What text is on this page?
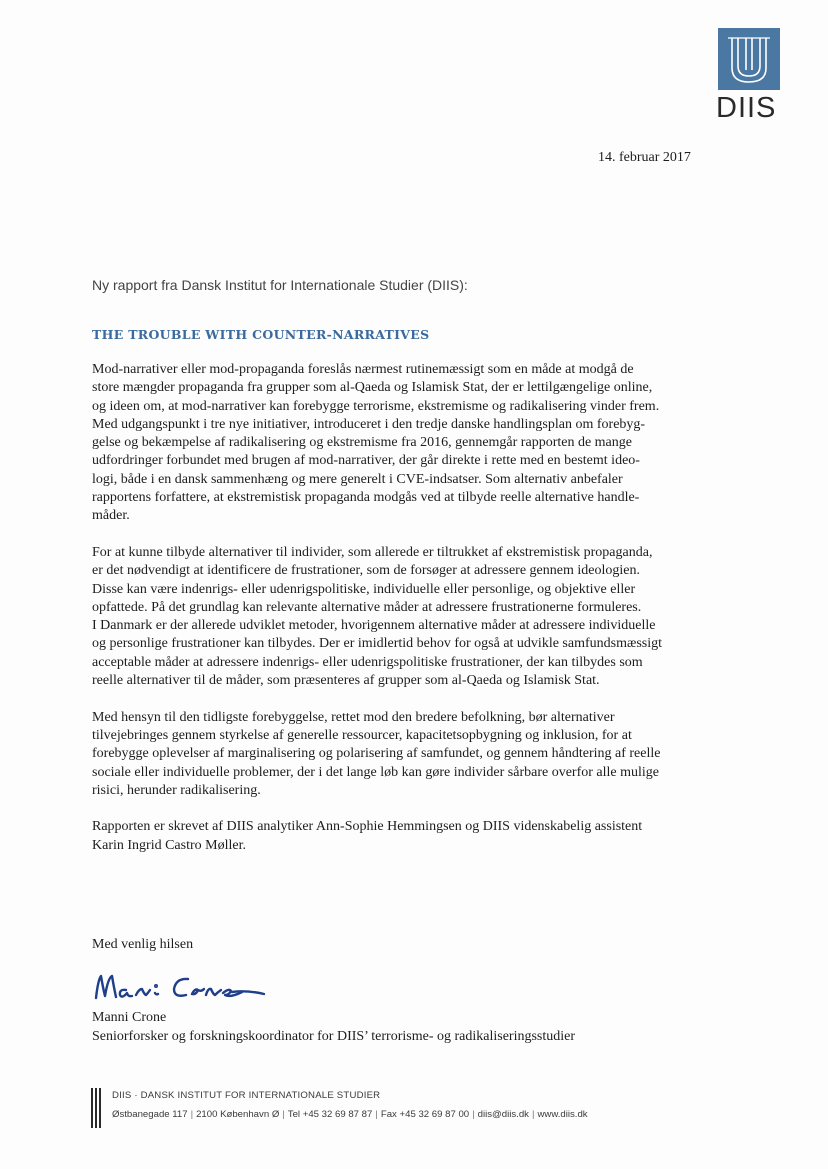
DIIS
14. februar 2017
Ny rapport fra Dansk Institut for Internationale Studier (DIIS):
THE TROUBLE WITH COUNTER-NARRATIVES

Mod-narrativer eller mod-propaganda foreslås nærmest rutinemæssigt som en måde at modgå de
store mængder propaganda fra grupper som al-Qaeda og Islamisk Stat, der er lettilgængelige online,
og ideen om, at mod-narrativer kan forebygge terrorisme, ekstremisme og radikalisering vinder frem.
Med udgangspunkt i tre nye initiativer, introduceret i den tredje danske handlingsplan om forebyg-
gelse og bekæmpelse af radikalisering og ekstremisme fra 2016, gennemgår rapporten de mange
udfordringer forbundet med brugen af mod-narrativer, der går direkte i rette med en bestemt ideo-
logi, både i en dansk sammenhæng og mere generelt i CVE-indsatser. Som alternativ anbefaler
rapportens forfattere, at ekstremistisk propaganda modgås ved at tilbyde reelle alternative handle-
måder.

For at kunne tilbyde alternativer til individer, som allerede er tiltrukket af ekstremistisk propaganda,
er det nødvendigt at identificere de frustrationer, som de forsøger at adressere gennem ideologien.
Disse kan være indenrigs- eller udenrigspolitiske, individuelle eller personlige, og objektive eller
opfattede. På det grundlag kan relevante alternative måder at adressere frustrationerne formuleres.
I Danmark er der allerede udviklet metoder, hvorigennem alternative måder at adressere individuelle
og personlige frustrationer kan tilbydes. Der er imidlertid behov for også at udvikle samfundsmæssigt
acceptable måder at adressere indenrigs- eller udenrigspolitiske frustrationer, der kan tilbydes som
reelle alternativer til de måder, som præsenteres af grupper som al-Qaeda og Islamisk Stat.

Med hensyn til den tidligste forebyggelse, rettet mod den bredere befolkning, bør alternativer
tilvejebringes gennem styrkelse af generelle ressourcer, kapacitetsopbygning og inklusion, for at
forebygge oplevelser af marginalisering og polarisering af samfundet, og gennem håndtering af reelle
sociale eller individuelle problemer, der i det lange løb kan gøre individer sårbare overfor alle mulige
risici, herunder radikalisering.

Rapporten er skrevet af DIIS analytiker Ann-Sophie Hemmingsen og DIIS videnskabelig assistent
Karin Ingrid Castro Møller.

Med venlig hilsen
Manni Crone
Seniorforsker og forskningskoordinator for DIIS’ terrorisme- og radikaliseringsstudier
DIIS · DANSK INSTITUT FOR INTERNATIONALE STUDIER
Østbanegade 117 | 2100 København Ø | Tel +45 32 69 87 87 | Fax +45 32 69 87 00 | diis@diis.dk | www.diis.dk
